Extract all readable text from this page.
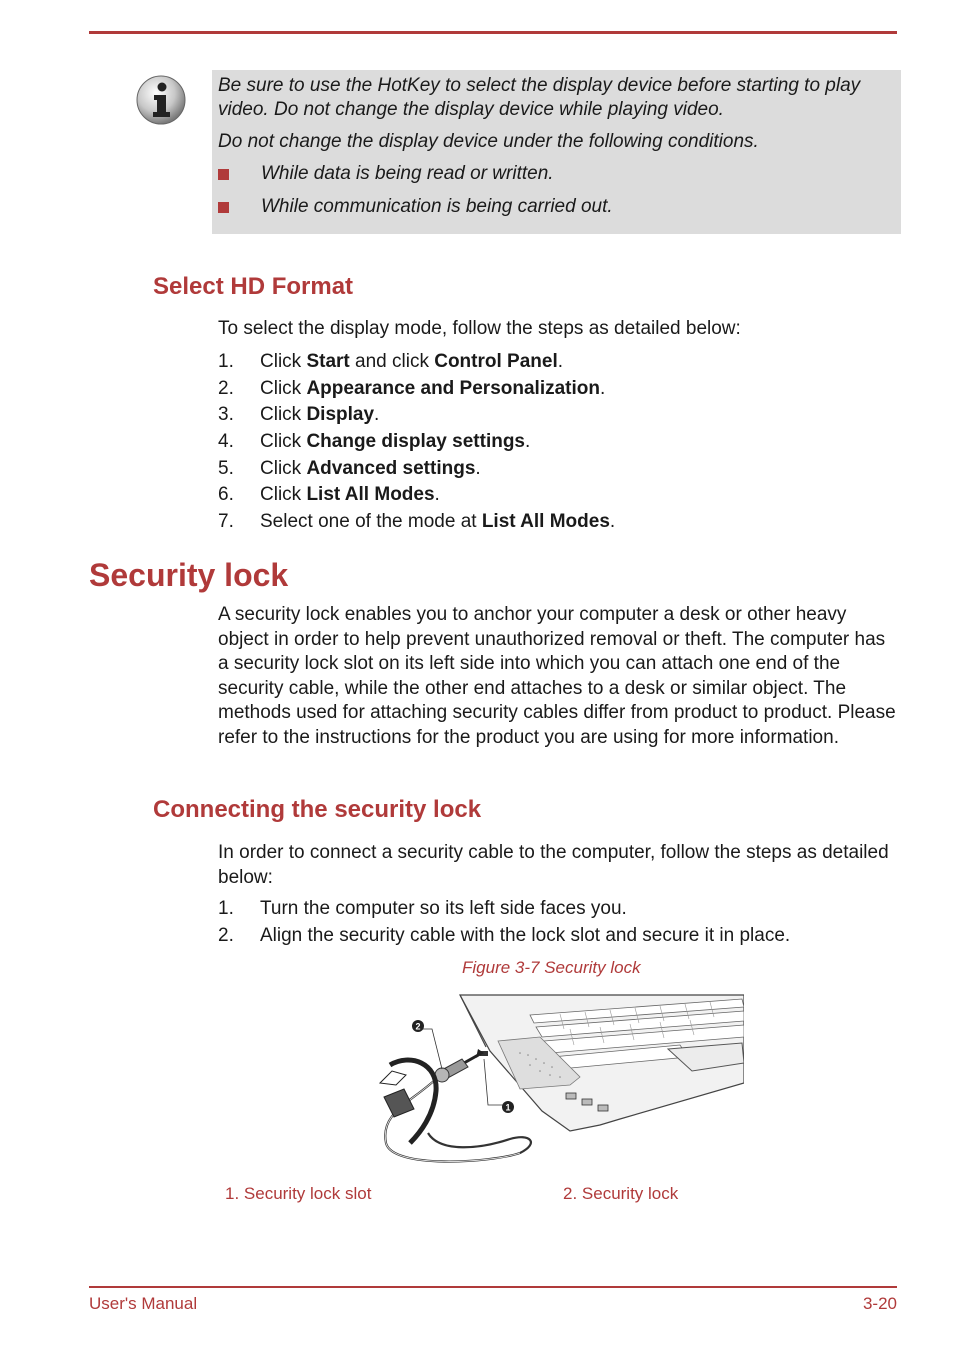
Be sure to use the HotKey to select the display device before starting to play video. Do not change the display device while playing video.

Do not change the display device under the following conditions.

While data is being read or written.
While communication is being carried out.
Select HD Format

To select the display mode, follow the steps as detailed below:

1. Click Start and click Control Panel.
2. Click Appearance and Personalization.
3. Click Display.
4. Click Change display settings.
5. Click Advanced settings.
6. Click List All Modes.
7. Select one of the mode at List All Modes.
Security lock

A security lock enables you to anchor your computer a desk or other heavy object in order to help prevent unauthorized removal or theft. The computer has a security lock slot on its left side into which you can attach one end of the security cable, while the other end attaches to a desk or similar object. The methods used for attaching security cables differ from product to product. Please refer to the instructions for the product you are using for more information.

Connecting the security lock

In order to connect a security cable to the computer, follow the steps as detailed below:

1. Turn the computer so its left side faces you.
2. Align the security cable with the lock slot and secure it in place.
Figure 3-7 Security lock
2
1
1. Security lock slot	2. Security lock
User's Manual	3-20
